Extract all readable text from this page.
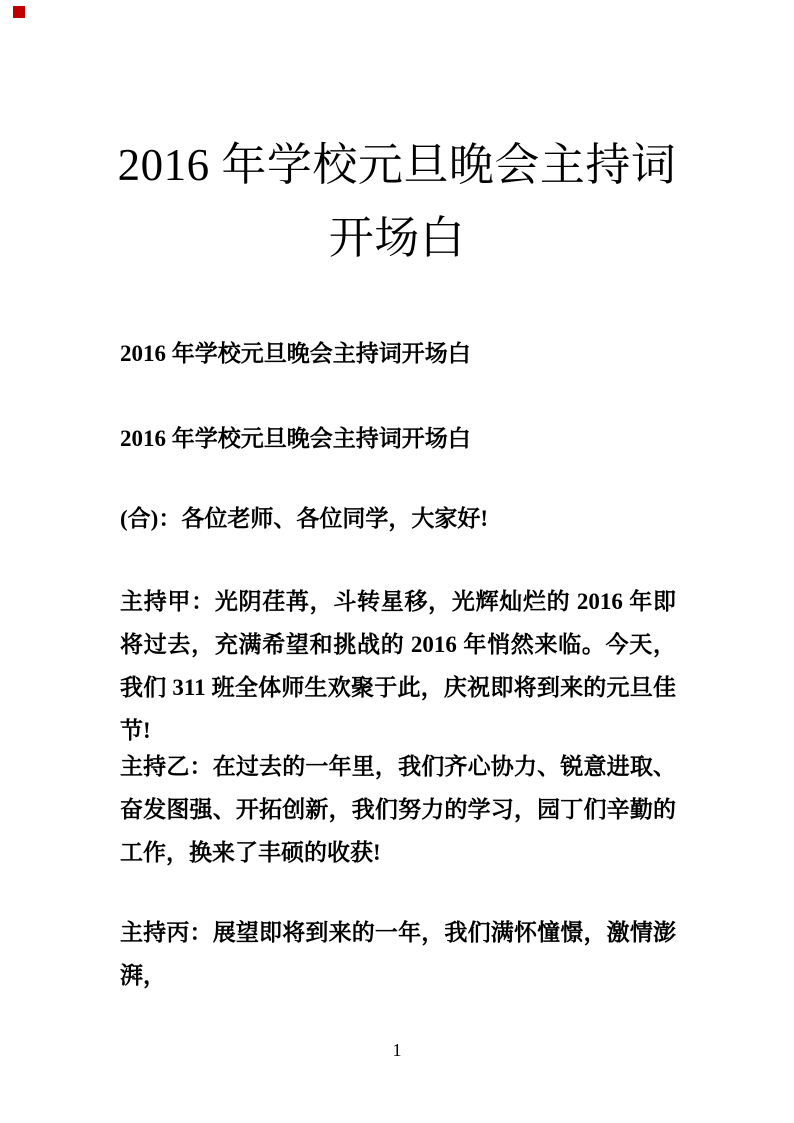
2016 年学校元旦晚会主持词开场白

2016 年学校元旦晚会主持词开场白

2016 年学校元旦晚会主持词开场白

(合)：各位老师、各位同学，大家好!

主持甲：光阴荏苒，斗转星移，光辉灿烂的 2016 年即将过去，充满希望和挑战的 2016 年悄然来临。今天，我们 311 班全体师生欢聚于此，庆祝即将到来的元旦佳节!

主持乙：在过去的一年里，我们齐心协力、锐意进取、奋发图强、开拓创新，我们努力的学习，园丁们辛勤的工作，换来了丰硕的收获!

主持丙：展望即将到来的一年，我们满怀憧憬，激情澎湃，

1
